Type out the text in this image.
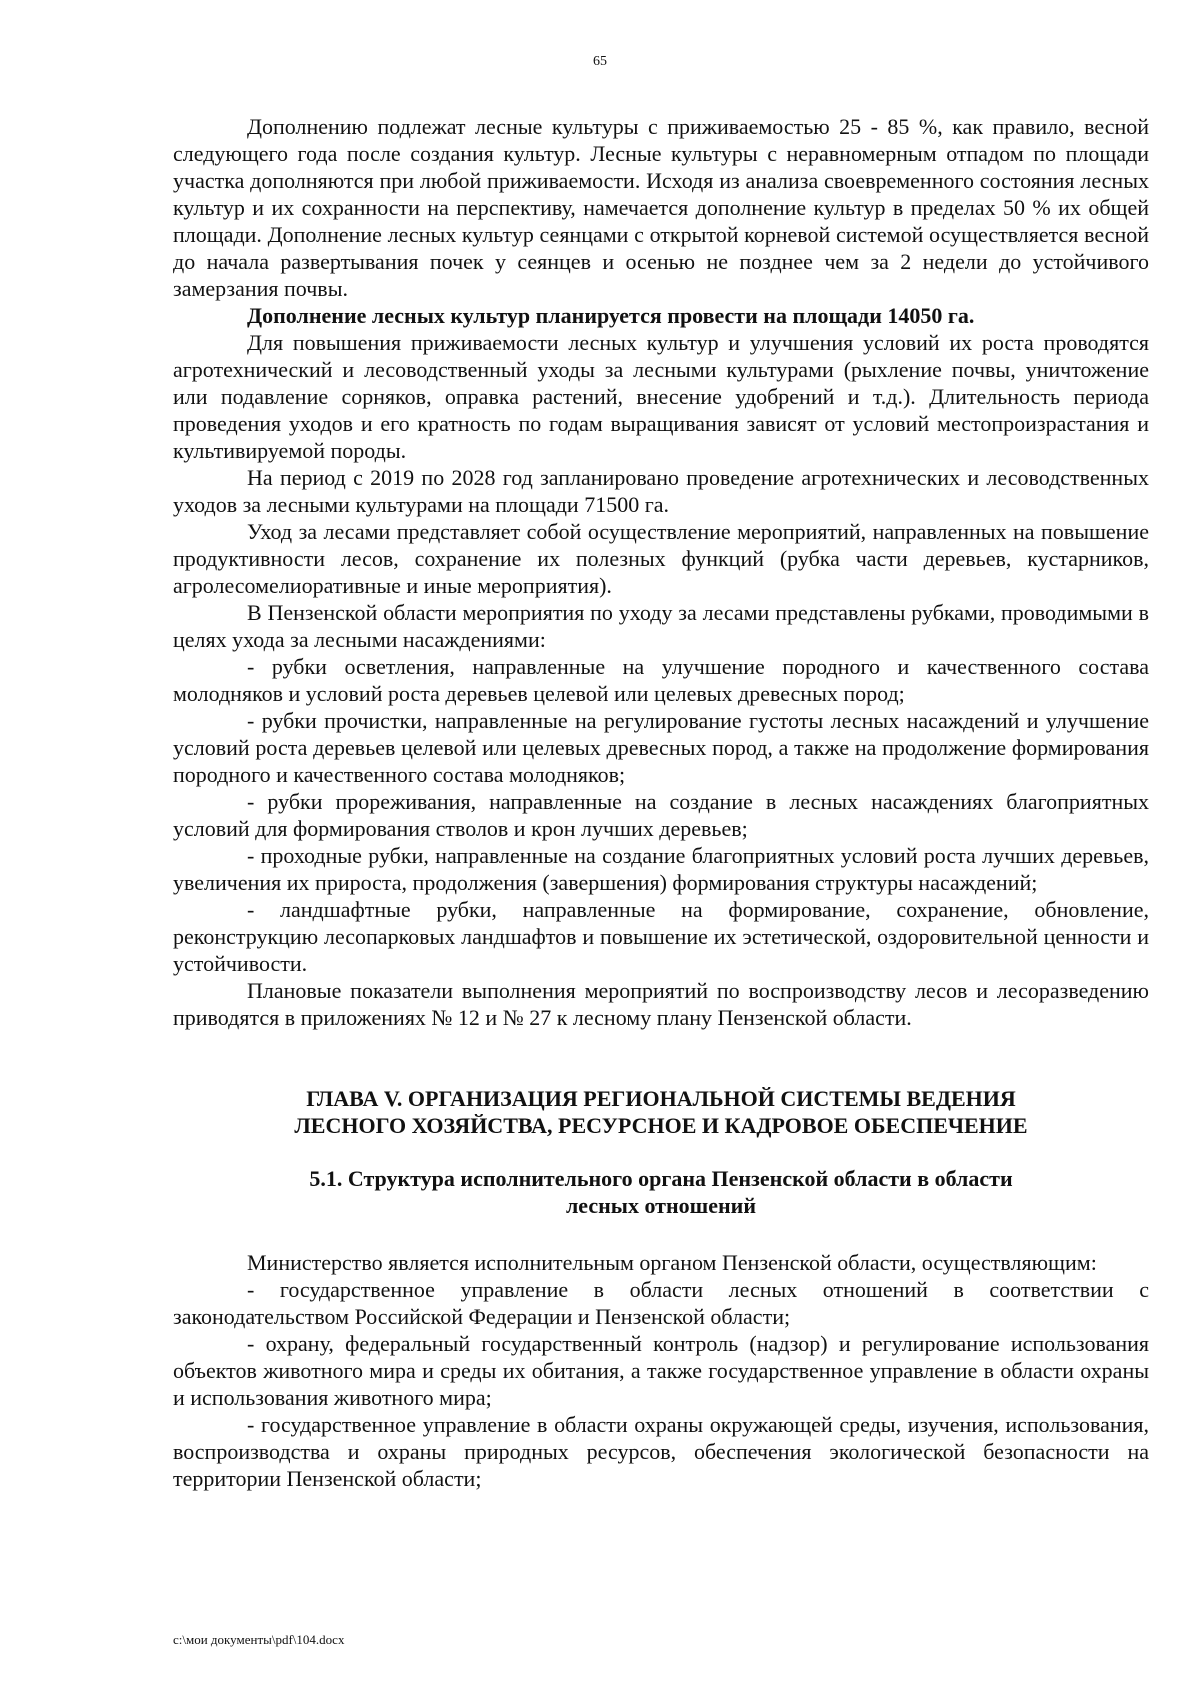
65

Дополнению подлежат лесные культуры с приживаемостью 25 - 85 %, как правило, весной следующего года после создания культур. Лесные культуры с неравномерным отпадом по площади участка дополняются при любой приживаемости. Исходя из анализа своевременного состояния лесных культур и их сохранности на перспективу, намечается дополнение культур в пределах 50 % их общей площади. Дополнение лесных культур сеянцами с открытой корневой системой осуществляется весной до начала развертывания почек у сеянцев и осенью не позднее чем за 2 недели до устойчивого замерзания почвы.

Дополнение лесных культур планируется провести на площади 14050 га.

Для повышения приживаемости лесных культур и улучшения условий их роста проводятся агротехнический и лесоводственный уходы за лесными культурами (рыхление почвы, уничтожение или подавление сорняков, оправка растений, внесение удобрений и т.д.). Длительность периода проведения уходов и его кратность по годам выращивания зависят от условий местопроизрастания и культивируемой породы.

На период с 2019 по 2028 год запланировано проведение агротехнических и лесоводственных уходов за лесными культурами на площади 71500 га.

Уход за лесами представляет собой осуществление мероприятий, направленных на повышение продуктивности лесов, сохранение их полезных функций (рубка части деревьев, кустарников, агролесомелиоративные и иные мероприятия).

В Пензенской области мероприятия по уходу за лесами представлены рубками, проводимыми в целях ухода за лесными насаждениями:

- рубки осветления, направленные на улучшение породного и качественного состава молодняков и условий роста деревьев целевой или целевых древесных пород;

- рубки прочистки, направленные на регулирование густоты лесных насаждений и улучшение условий роста деревьев целевой или целевых древесных пород, а также на продолжение формирования породного и качественного состава молодняков;

- рубки прореживания, направленные на создание в лесных насаждениях благоприятных условий для формирования стволов и крон лучших деревьев;

- проходные рубки, направленные на создание благоприятных условий роста лучших деревьев, увеличения их прироста, продолжения (завершения) формирования структуры насаждений;

- ландшафтные рубки, направленные на формирование, сохранение, обновление, реконструкцию лесопарковых ландшафтов и повышение их эстетической, оздоровительной ценности и устойчивости.

Плановые показатели выполнения мероприятий по воспроизводству лесов и лесоразведению приводятся в приложениях № 12 и № 27 к лесному плану Пензенской области.

ГЛАВА V. ОРГАНИЗАЦИЯ РЕГИОНАЛЬНОЙ СИСТЕМЫ ВЕДЕНИЯ
ЛЕСНОГО ХОЗЯЙСТВА, РЕСУРСНОЕ И КАДРОВОЕ ОБЕСПЕЧЕНИЕ
5.1. Структура исполнительного органа Пензенской области в области
лесных отношений

Министерство является исполнительным органом Пензенской области, осуществляющим:

- государственное управление в области лесных отношений в соответствии с законодательством Российской Федерации и Пензенской области;

- охрану, федеральный государственный контроль (надзор) и регулирование использования объектов животного мира и среды их обитания, а также государственное управление в области охраны и использования животного мира;

- государственное управление в области охраны окружающей среды, изучения, использования, воспроизводства и охраны природных ресурсов, обеспечения экологической безопасности на территории Пензенской области;

c:\мои документы\pdf\104.docx
